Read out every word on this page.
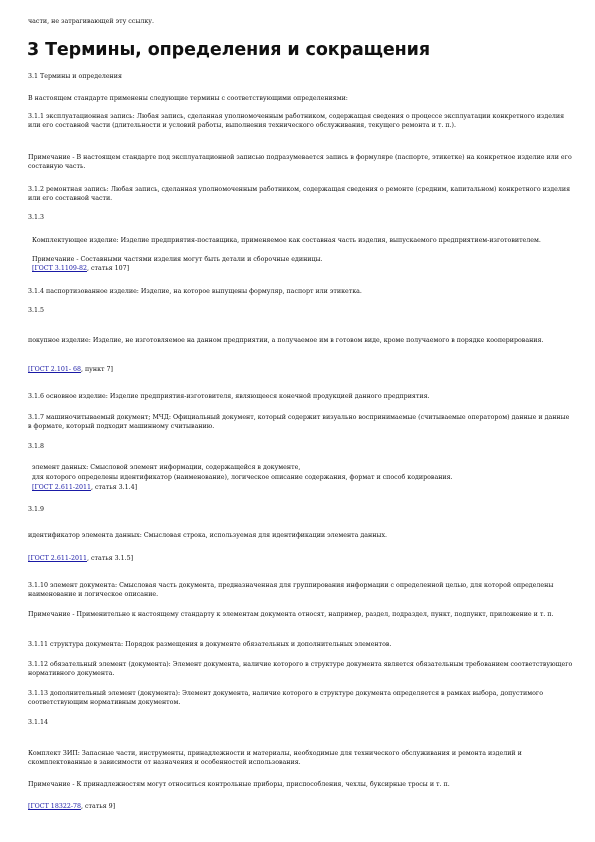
части, не затрагивающей эту ссылку.

3 Термины, определения и сокращения

3.1 Термины и определения

В настоящем стандарте применены следующие термины с соответствующими определениями:

3.1.1 эксплуатационная запись: Любая запись, сделанная уполномоченным работником, содержащая сведения о процессе эксплуатации конкретного изделия или его составной части (длительности и условий работы, выполнения технического обслуживания, текущего ремонта и т. п.).

Примечание - В настоящем стандарте под эксплуатационной записью подразумевается запись в формуляре (паспорте, этикетке) на конкретное изделие или его составную часть.

3.1.2 ремонтная запись: Любая запись, сделанная уполномоченным работником, содержащая сведения о ремонте (средним, капитальном) конкретного изделия или его составной части.

3.1.3

Комплектующее изделие: Изделие предприятия-поставщика, применяемое как составная часть изделия, выпускаемого предприятием-изготовителем.

Примечание - Составными частями изделия могут быть детали и сборочные единицы.

[ГОСТ 3.1109-82, статья 107]

3.1.4 паспортизованное изделие: Изделие, на которое выпущены формуляр, паспорт или этикетка.

3.1.5

покупное изделие: Изделие, не изготовляемое на данном предприятии, а получаемое им в готовом виде, кроме получаемого в порядке кооперирования.

[ГОСТ 2.101- 68, пункт 7]

3.1.6 основное изделие: Изделие предприятия-изготовителя, являющееся конечной продукцией данного предприятия.

3.1.7 машиночитываемый документ; МЧД: Официальный документ, который содержит визуально воспринимаемые (считываемые оператором) данные и данные в формате, который подходит машинному считыванию.

3.1.8

элемент данных: Смысловой элемент информации, содержащейся в документе,

для которого определены идентификатор (наименование), логическое описание содержания, формат и способ кодирования.

[ГОСТ 2.611-2011, статья 3.1.4]

3.1.9

идентификатор элемента данных: Смысловая строка, используемая для идентификации элемента данных.

[ГОСТ 2.611-2011, статья 3.1.5]

3.1.10 элемент документа: Смысловая часть документа, предназначенная для группирования информации с определенной целью, для которой определены наименование и логическое описание.

Примечание - Применительно к настоящему стандарту к элементам документа относят, например, раздел, подраздел, пункт, подпункт, приложение и т. п.

3.1.11 структура документа: Порядок размещения в документе обязательных и дополнительных элементов.

3.1.12 обязательный элемент (документа): Элемент документа, наличие которого в структуре документа является обязательным требованием соответствующего нормативного документа.

3.1.13 дополнительный элемент (документа): Элемент документа, наличие которого в структуре документа определяется в рамках выбора, допустимого соответствующим нормативным документом.

3.1.14

Комплект ЗИП: Запасные части, инструменты, принадлежности и материалы, необходимые для технического обслуживания и ремонта изделий и скомплектованные в зависимости от назначения и особенностей использования.

Примечание - К принадлежностям могут относиться контрольные приборы, приспособления, чехлы, буксирные тросы и т. п.

[ГОСТ 18322-78, статья 9]
